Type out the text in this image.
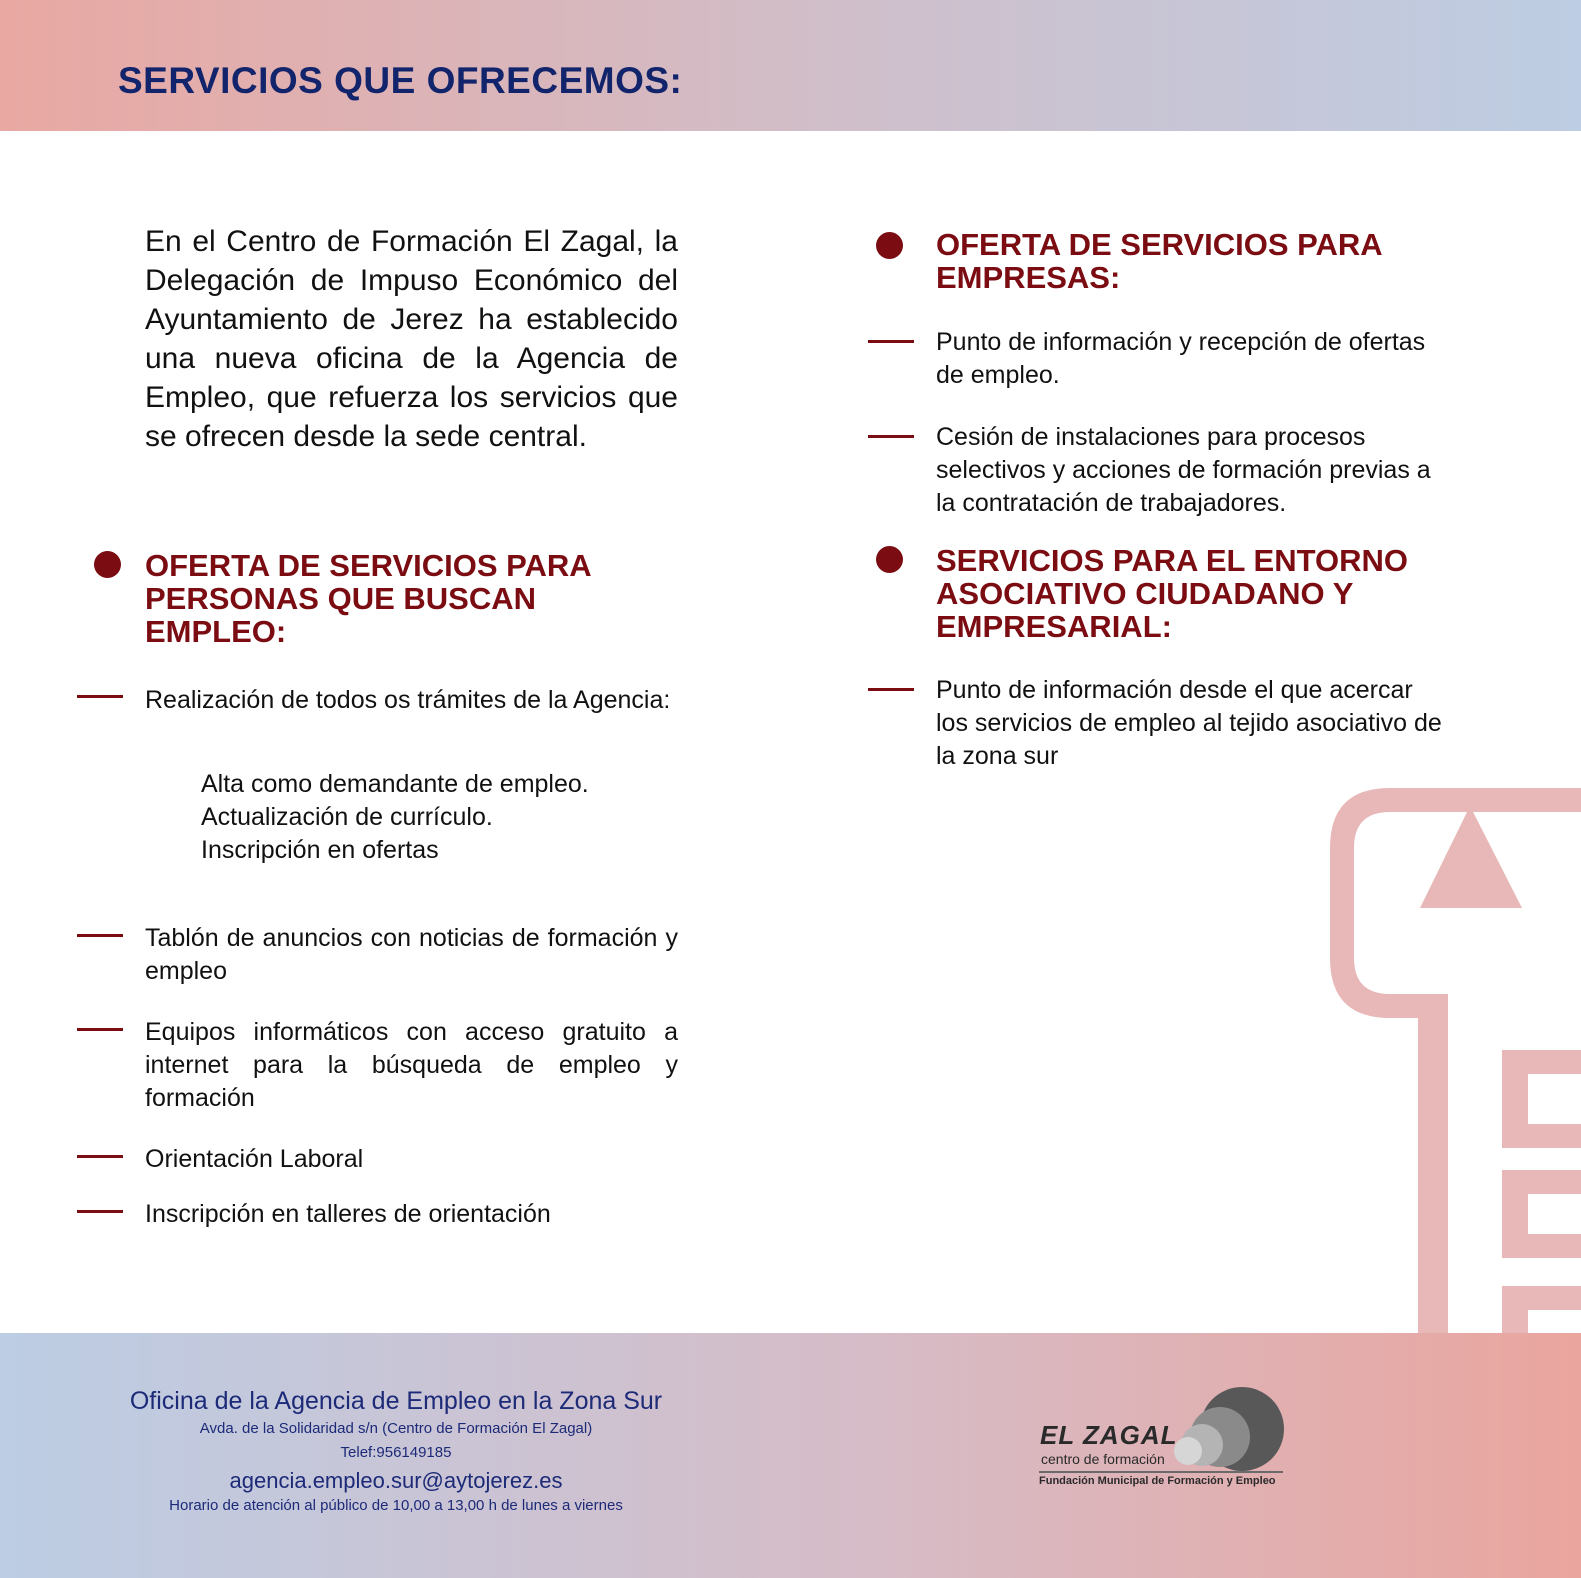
SERVICIOS QUE OFRECEMOS:

En el Centro de Formación El Zagal, la Delegación de Impuso Económico del Ayuntamiento de Jerez ha establecido una nueva oficina de la Agencia de Empleo, que refuerza los servicios que se ofrecen desde la sede central.

OFERTA DE SERVICIOS PARA PERSONAS QUE BUSCAN EMPLEO:

Realización de todos os trámites de la Agencia:

Alta como demandante de empleo.

Actualización de currículo.

Inscripción en ofertas

Tablón de anuncios con noticias de formación y empleo

Equipos informáticos con acceso gratuito a internet para la búsqueda de empleo y formación

Orientación Laboral

Inscripción en talleres de orientación

OFERTA DE SERVICIOS PARA EMPRESAS:

Punto de información y recepción de ofertas de empleo.

Cesión de instalaciones para procesos selectivos y acciones de formación previas a la contratación de trabajadores.

SERVICIOS PARA EL ENTORNO ASOCIATIVO CIUDADANO Y EMPRESARIAL:

Punto de información desde el que acercar los servicios de empleo al tejido asociativo de la zona sur

Oficina de la Agencia de Empleo en la Zona Sur

Avda. de la Solidaridad s/n (Centro de Formación El Zagal)

Telef:956149185

agencia.empleo.sur@aytojerez.es

Horario de atención al público de 10,00 a 13,00 h de lunes a viernes

EL ZAGAL
centro de formación
Fundación Municipal de Formación y Empleo
